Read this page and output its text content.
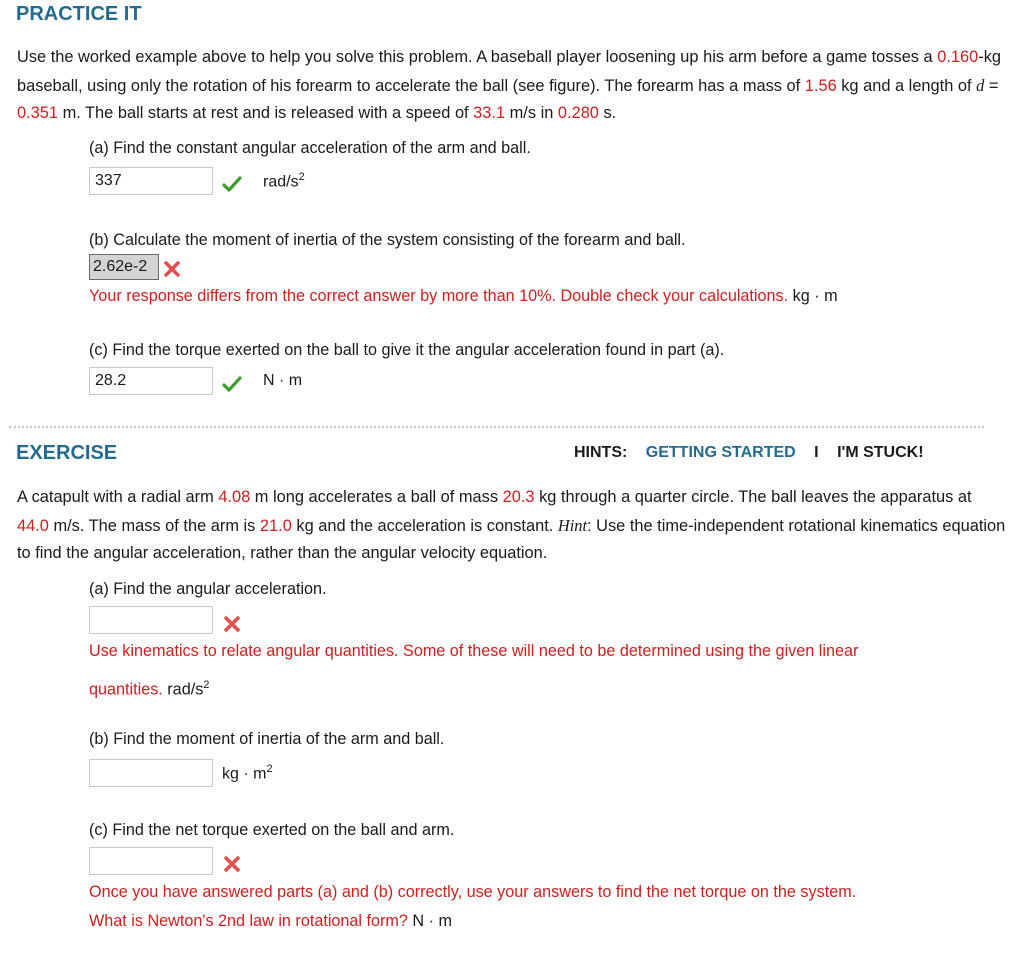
PRACTICE IT
Use the worked example above to help you solve this problem. A baseball player loosening up his arm before a game tosses a 0.160-kg baseball, using only the rotation of his forearm to accelerate the ball (see figure). The forearm has a mass of 1.56 kg and a length of d = 0.351 m. The ball starts at rest and is released with a speed of 33.1 m/s in 0.280 s.
(a) Find the constant angular acceleration of the arm and ball.
337	rad/$s^2$
(b) Calculate the moment of inertia of the system consisting of the forearm and ball.
2.62e-2
Your response differs from the correct answer by more than 10%. Double check your calculations. kg · m
(c) Find the torque exerted on the ball to give it the angular acceleration found in part (a).
28.2	N · m
EXERCISE	HINTS: GETTING STARTED I I'M STUCK!
A catapult with a radial arm 4.08 m long accelerates a ball of mass 20.3 kg through a quarter circle. The ball leaves the apparatus at 44.0 m/s. The mass of the arm is 21.0 kg and the acceleration is constant. Hint: Use the time-independent rotational kinematics equation to find the angular acceleration, rather than the angular velocity equation.
(a) Find the angular acceleration.
Use kinematics to relate angular quantities. Some of these will need to be determined using the given linear
quantities. rad/$s^2$
(b) Find the moment of inertia of the arm and ball.
kg · $m^2$
(c) Find the net torque exerted on the ball and arm.
Once you have answered parts (a) and (b) correctly, use your answers to find the net torque on the system.
What is Newton's 2nd law in rotational form? N · m
